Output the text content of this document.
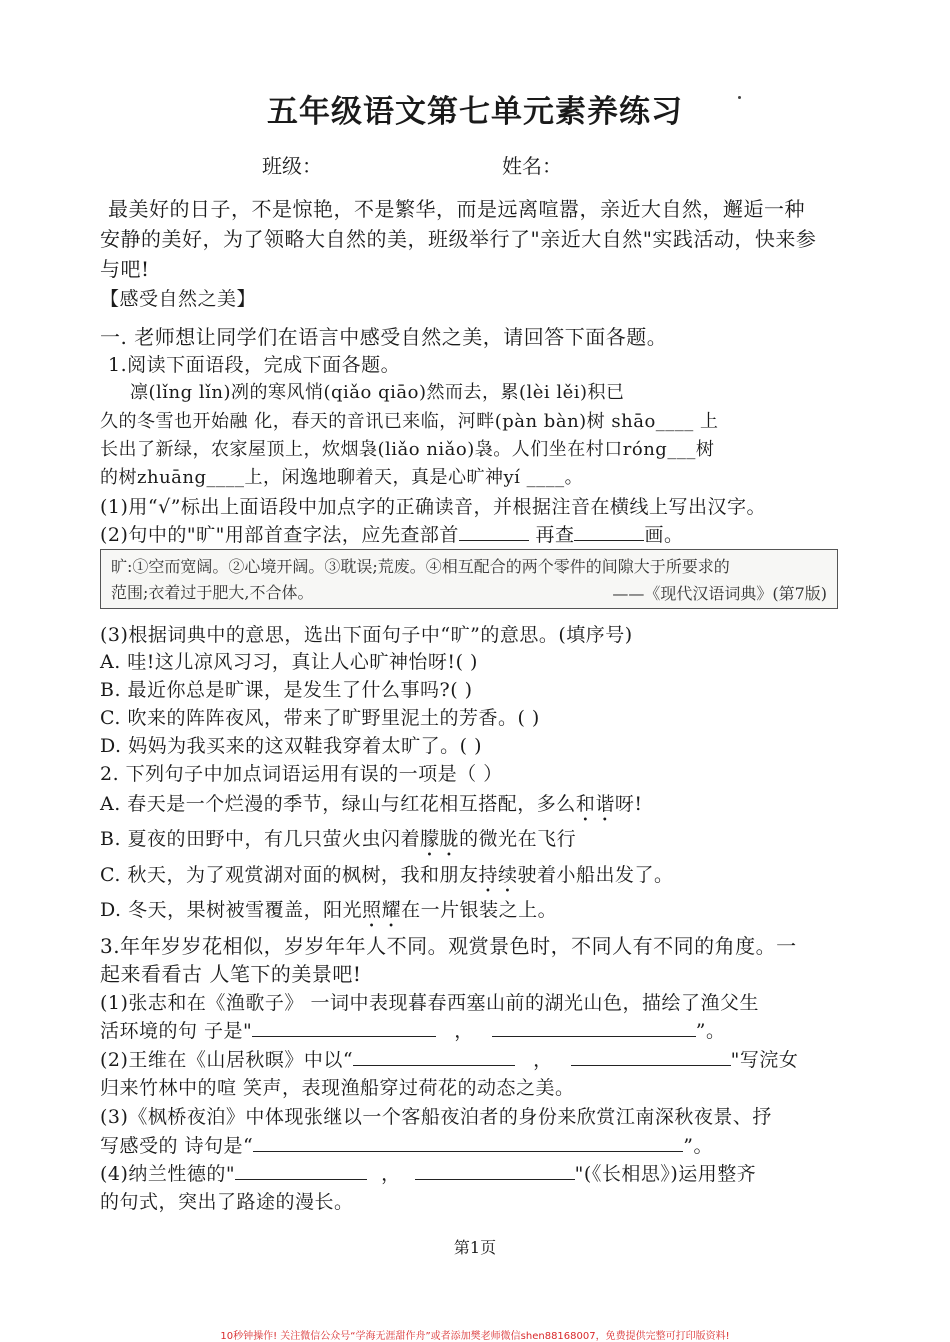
五年级语文第七单元素养练习
班级：	姓名：
最美好的日子，不是惊艳，不是繁华，而是远离喧嚣，亲近大自然，邂逅一种
安静的美好，为了领略大自然的美，班级举行了"亲近大自然"实践活动，快来参
与吧!
【感受自然之美】
一. 老师想让同学们在语言中感受自然之美，请回答下面各题。
1.阅读下面语段，完成下面各题。
凛(lǐng lǐn)冽的寒风悄(qiǎo qiāo)然而去，累(lèi lěi)积已
久的冬雪也开始融 化，春天的音讯已来临，河畔(pàn bàn)树 shāo____ 上
长出了新绿，农家屋顶上，炊烟袅(liǎo niǎo)袅。人们坐在村口róng___树
的树zhuāng____上，闲逸地聊着天，真是心旷神yí ____。
(1)用“√”标出上面语段中加点字的正确读音，并根据注音在横线上写出汉字。
(2)句中的"旷"用部首查字法，应先查部首	再查	画。
旷:①空而宽阔。②心境开阔。③耽误;荒废。④相互配合的两个零件的间隙大于所要求的
范围;衣着过于肥大,不合体。	——《现代汉语词典》(第7版)
(3)根据词典中的意思，选出下面句子中“旷”的意思。(填序号)
A. 哇!这儿凉风习习，真让人心旷神怡呀!( )
B. 最近你总是旷课，是发生了什么事吗?( )
C. 吹来的阵阵夜风，带来了旷野里泥土的芳香。( )
D. 妈妈为我买来的这双鞋我穿着太旷了。( )
2. 下列句子中加点词语运用有误的一项是（ ）
A. 春天是一个烂漫的季节，绿山与红花相互搭配，多么和谐呀!
B. 夏夜的田野中，有几只萤火虫闪着朦胧的微光在飞行
C. 秋天，为了观赏湖对面的枫树，我和朋友持续驶着小船出发了。
D. 冬天，果树被雪覆盖，阳光照耀在一片银装之上。
3.年年岁岁花相似，岁岁年年人不同。观赏景色时，不同人有不同的角度。一
起来看看古 人笔下的美景吧!
(1)张志和在《渔歌子》 一词中表现暮春西塞山前的湖光山色，描绘了渔父生
活环境的句 子是"	，	”。
(2)王维在《山居秋暝》中以“	，	"写浣女
归来竹林中的喧 笑声，表现渔船穿过荷花的动态之美。
(3)《枫桥夜泊》中体现张继以一个客船夜泊者的身份来欣赏江南深秋夜景、抒
写感受的 诗句是“	”。
(4)纳兰性德的"	，	"(《长相思》)运用整齐
的句式，突出了路途的漫长。
第1页
10秒钟操作! 关注微信公众号“学海无涯甜作舟”或者添加樊老师微信shen88168007，免费提供完整可打印版资料!
